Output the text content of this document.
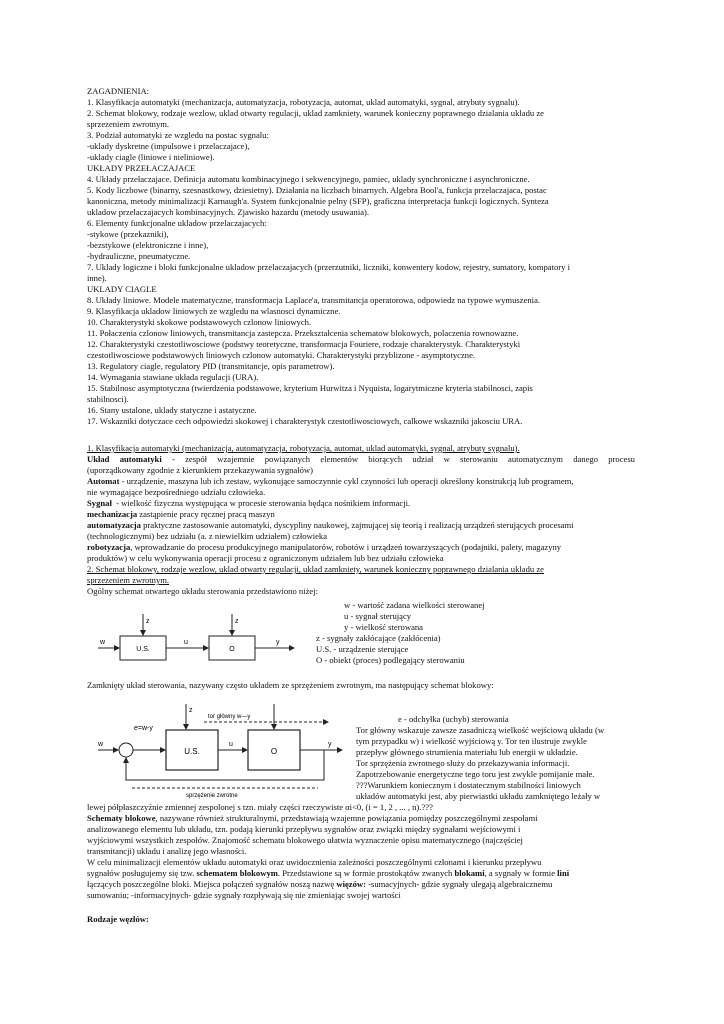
ZAGADNIENIA:
1. Klasyfikacja automatyki (mechanizacja, automatyzacja, robotyzacja, automat, uklad automatyki, sygnal, atrybuty sygnalu).
2. Schemat blokowy, rodzaje wezlow, uklad otwarty regulacji, uklad zamkniety, warunek konieczny poprawnego dzialania ukladu ze
sprzezeniem zwrotnym.
3. Podział automatyki ze wzgledu na postac sygnalu:
-uklady dyskretne (impulsowe i przelaczajace),
-uklady ciagle (liniowe i nieliniowe).
UKŁADY PRZEŁACZAJACE
4. Układy przełaczajace. Definicja automatu kombinacyjnego i sekwencyjnego, pamiec, uklady synchroniczne i asynchroniczne.
5. Kody liczbowe (binarny, szesnastkowy, dziesietny). Działania na liczbach binarnych. Algebra Bool'a, funkcja przelaczajaca, postac
kanoniczna, metody minimalizacji Karnaugh'a. System funkcjonalnie pelny (SFP), graficzna interpretacja funkcji logicznych. Synteza
ukladow przelaczajacych kombinacyjnych. Zjawisko hazardu (metody usuwania).
6. Elementy funkcjonalne ukladow przelaczajacych:
-stykowe (przekazniki),
-bezstykowe (elektroniczne i inne),
-hydrauliczne, pneumatyczne.
7. Uklady logiczne i bloki funkcjonalne ukladow przelaczajacych (przerzutniki, liczniki, konwentery kodow, rejestry, sumatory, kompatory i
inne).
UKLADY CIAGLE
8. Układy liniowe. Modele matematyczne, transformacja Laplace'a, transmitancja operatorowa, odpowiedz na typowe wymuszenia.
9. Klasyfikacja ukladow liniowych ze wzgledu na wlasnosci dynamiczne.
10. Charakterystyki skokowe podstawowych czlonow liniowych.
11. Połaczenia czlonow liniowych, transmitancja zastepcza. Przekształcenia schematow blokowych, polaczenia rownowazne.
12. Charakterystyki czestotliwosciowe (podstwy teoretyczne, transformacja Fouriere, rodzaje charakterystyk. Charakterystyki
czestotliwosciowe podstawowych liniowych czlonow automatyki. Charakterystyki przyblizone - asymptotyczne.
13. Regulatory ciagle, regulatory PID (transmitancje, opis parametrow).
14. Wymagania stawiane układa regulacji (URA).
15. Stabilnosc asymptotyczna (twierdzenia podstawowe, kryterium Hurwitza i Nyquista, logarytmiczne kryteria stabilnosci, zapis
stabilnosci).
16. Stany ustalone, uklady statyczne i astatyczne.
17. Wskazniki dotyczace cech odpowiedzi skokowej i charakterystyk czestotliwosciowych, calkowe wskazniki jakosciu URA.
1. Klasyfikacja automatyki (mechanizacja, automatyzacja, robotyzacja, automat, uklad automatyki, sygnal, atrybuty sygnalu).
Układ automatyki - zespół wzajemnie powiązanych elementów biorących udział w sterowaniu automatycznym danego procesu
(uporządkowany zgodnie z kierunkiem przekazywania sygnałów)
Automat - urządzenie, maszyna lub ich zestaw, wykonujące samoczynnie cykl czynności lub operacji określony konstrukcją lub programem,
nie wymagające bezpośredniego udziału człowieka.
Sygnał - wielkość fizyczna występująca w procesie sterowania będąca nośnikiem informacji.
mechanizacja zastąpienie pracy ręcznej pracą maszyn
automatyzacja praktyczne zastosowanie automatyki, dyscypliny naukowej, zajmującej się teorią i realizacją urządzeń sterujących procesami
(technologicznymi) bez udziału (a. z niewielkim udziałem) człowieka
robotyzacja, wprowadzanie do procesu produkcyjnego manipulatorów, robotów i urządzeń towarzyszących (podajniki, palety, magazyny
produktów) w celu wykonywania operacji procesu z ograniczonym udziałem lub bez udziału człowieka
2. Schemat blokowy, rodzaje wezlow, uklad otwarty regulacji, uklad zamkniety, warunek konieczny poprawnego dzialania ukladu ze
sprzezeniem zwrotnym.
Ogólny schemat otwartego układu sterowania przedstawiono niżej:
w
z	z
u	y
U.S.	O
w - wartość zadana wielkości sterowanej
u - sygnał sterujący
y - wielkość sterowana
z - sygnały zakłócające (zakłócenia)
U.S. - urządzenie sterujące
O - obiekt (proces) podlegający sterowaniu
Zamknięty układ sterowania, nazywany często układem ze sprzężeniem zwrotnym, ma następujący schemat blokowy:
w
e=w-y
z
u	y
U.S.	O
tor główny w—y
sprzężenie zwrotne
e - odchyłka (uchyb) sterowania
Tor główny wskazuje zawsze zasadniczą wielkość wejściową układu (w
tym przypadku w) i wielkość wyjściową y. Tor ten ilustruje zwykle
przepływ głównego strumienia materiału lub energii w układzie.
Tor sprzężenia zwrotnego służy do przekazywania informacji.
Zapotrzebowanie energetyczne tego toru jest zwykle pomijanie małe.
???Warunkiem koniecznym i dostatecznym stabilności liniowych
układów automatyki jest, aby pierwiastki układu zamkniętego leżały w
lewej półpłaszczyźnie zmiennej zespolonej s tzn. miały części rzeczywiste αi<0, (i = 1, 2 , ... , n).???
Schematy blokowe, nazywane również strukturalnymi, przedstawiają wzajemne powiązania pomiędzy poszczególnymi zespołami
analizowanego elementu lub układu, tzn. podają kierunki przepływu sygnałów oraz związki między sygnałami wejściowymi i
wyjściowymi wszystkich zespołów. Znajomość schematu blokowego ułatwia wyznaczenie opisu matematycznego (najczęściej
transmitancji) układu i analizę jego własności.
W celu minimalizacji elementów układu automatyki oraz uwidocznienia zależności poszczególnymi członami i kierunku przepływu
sygnałów posługujemy się tzw. schematem blokowym. Przedstawione są w formie prostokątów zwanych blokami, a sygnały w formie lini
łączących poszczególne bloki. Miejsca połączeń sygnałów noszą nazwę więzów: -sumacyjnych- gdzie sygnały ulegają algebraicznemu
sumowaniu; -informacyjnych- gdzie sygnały rozpływają się nie zmieniając swojej wartości
Rodzaje węzłów:
